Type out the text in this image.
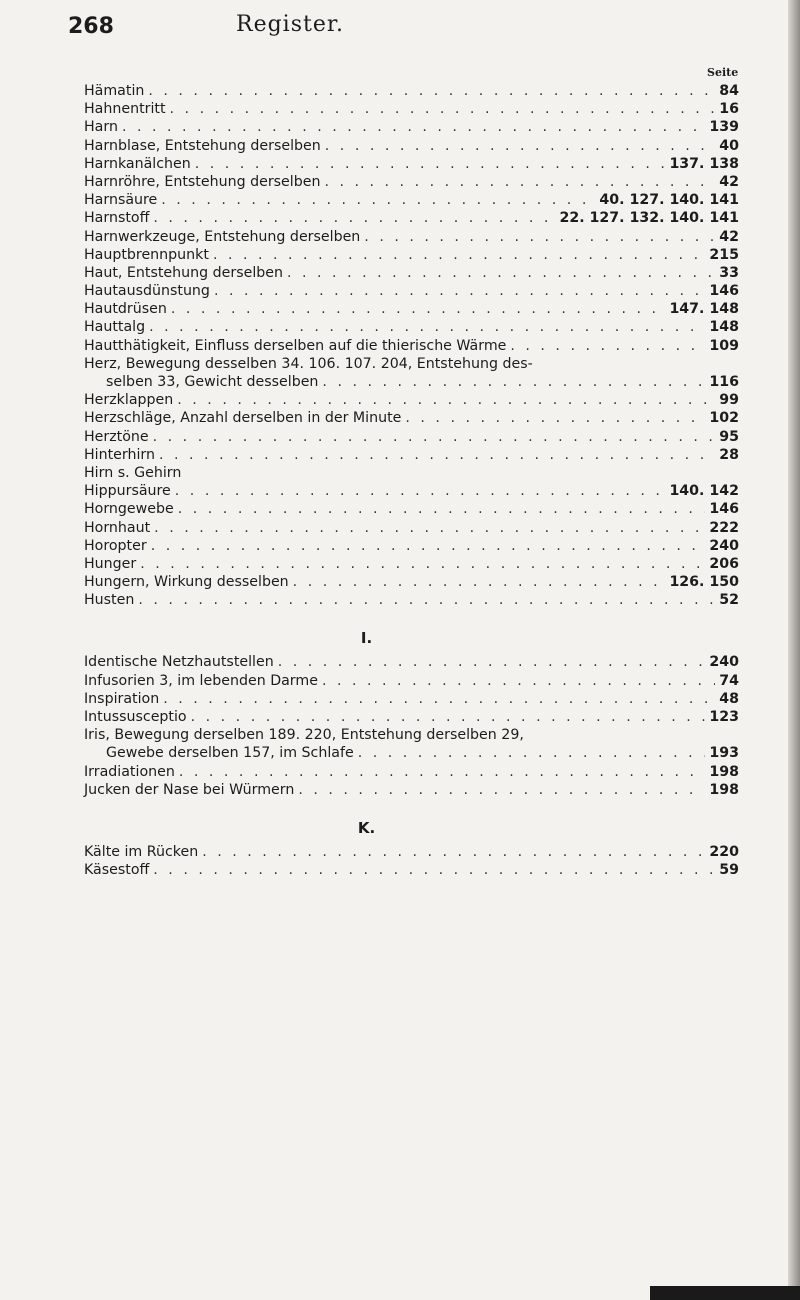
268	Register.
Seite
Hämatin . . .	84
Hahnentritt . . .	16
Harn . . .	139
Harnblase, Entstehung derselben . . .	40
Harnkanälchen . . .	137. 138
Harnröhre, Entstehung derselben . . .	42
Harnsäure . . .	40. 127. 140. 141
Harnstoff . . .	22. 127. 132. 140. 141
Harnwerkzeuge, Entstehung derselben . . .	42
Hauptbrennpunkt . . .	215
Haut, Entstehung derselben . . .	33
Hautausdünstung . . .	146
Hautdrüsen . . .	147. 148
Hauttalg . . .	148
Hautthätigkeit, Einfluss derselben auf die thierische Wärme . . .	109
Herz, Bewegung desselben 34. 106. 107. 204, Entstehung des-
selben 33, Gewicht desselben . . .	116
Herzklappen . . .	99
Herzschläge, Anzahl derselben in der Minute . . .	102
Herztöne . . .	95
Hinterhirn . . .	28
Hirn s. Gehirn
Hippursäure . . .	140. 142
Horngewebe . . .	146
Hornhaut . . .	222
Horopter . . .	240
Hunger . . .	206
Hungern, Wirkung desselben . . .	126. 150
Husten . . .	52
I.
Identische Netzhautstellen . . .	240
Infusorien 3, im lebenden Darme . . .	74
Inspiration . . .	48
Intussusceptio . . .	123
Iris, Bewegung derselben 189. 220, Entstehung derselben 29,
Gewebe derselben 157, im Schlafe . . .	193
Irradiationen . . .	198
Jucken der Nase bei Würmern . . .	198
K.
Kälte im Rücken . . .	220
Käsestoff . . .	59
